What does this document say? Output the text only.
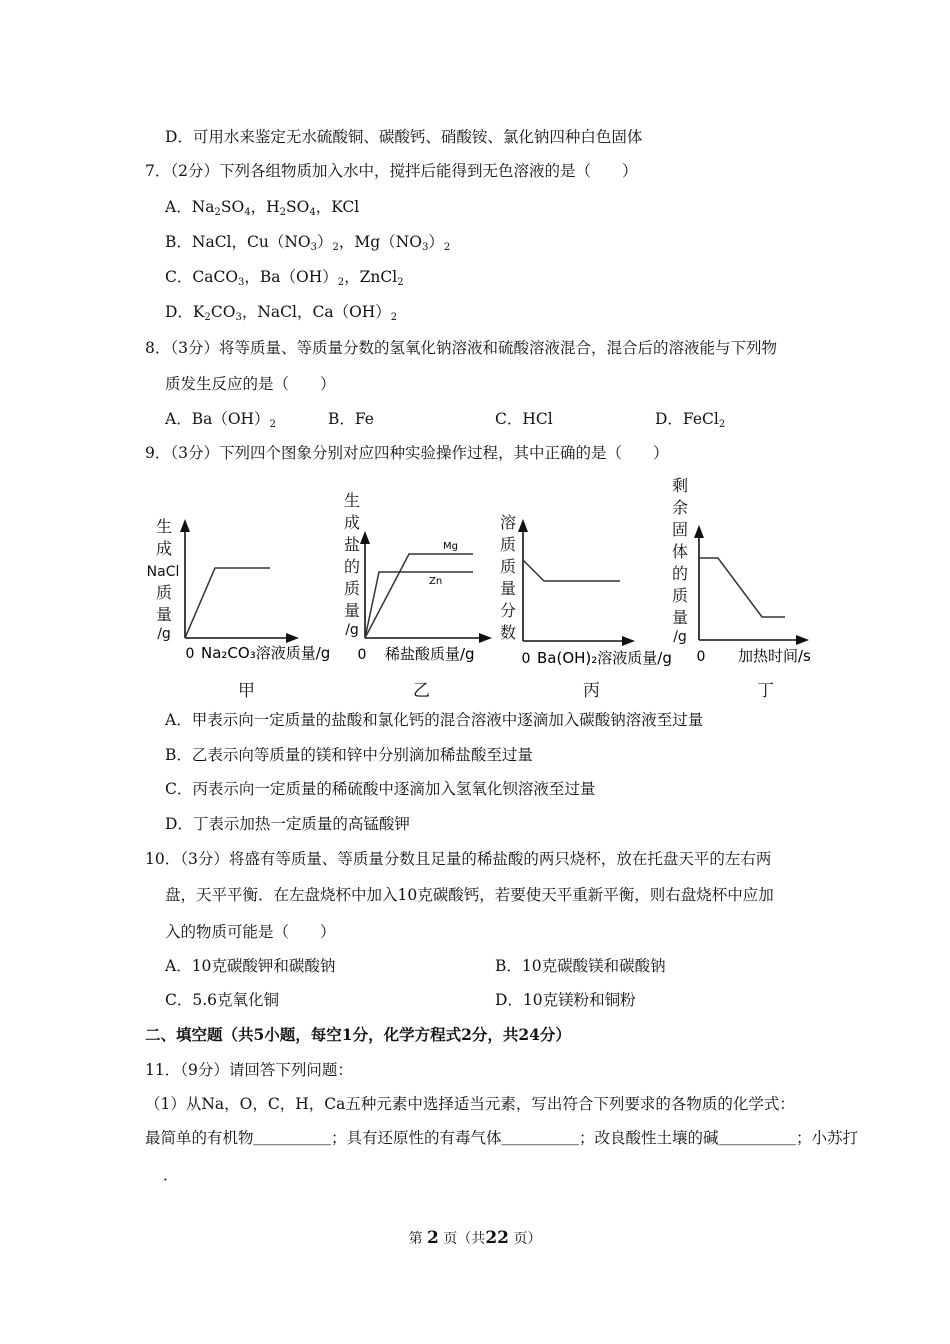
D．可用水来鉴定无水硫酸铜、碳酸钙、硝酸铵、氯化钠四种白色固体
7．（2分）下列各组物质加入水中，搅拌后能得到无色溶液的是（　　）
A．$Na_2SO_4$，$H_2SO_4$，KCl
B．NaCl，$Cu(NO_3)_2$，$Mg(NO_3)_2$
C．CaCO$_3$，$Ba(OH)_2$，ZnCl$_2$
D．$K_2CO_3$，NaCl，$Ca(OH)_2$
8．（3分）将等质量、等质量分数的氢氧化钠溶液和硫酸溶液混合，混合后的溶液能与下列物
质发生反应的是（　　）
A．$Ba(OH)_2$	B．Fe	C．HCl	D．FeCl$_2$
9．（3分）下列四个图象分别对应四种实验操作过程，其中正确的是（　　）
生
成
NaCl
质
量
/g
0 Na₂CO₃溶液质量/g
甲
生
成
盐
的
质
量
/g
Mg
Zn
0 稀盐酸质量/g
乙
溶
质
质
量
分
数
0 Ba(OH)₂溶液质量/g
丙
剩
余
固
体
的
质
量
/g
0 加热时间/s
丁
A．甲表示向一定质量的盐酸和氯化钙的混合溶液中逐滴加入碳酸钠溶液至过量
B．乙表示向等质量的镁和锌中分别滴加稀盐酸至过量
C．丙表示向一定质量的稀硫酸中逐滴加入氢氧化钡溶液至过量
D．丁表示加热一定质量的高锰酸钾
10．（3分）将盛有等质量、等质量分数且足量的稀盐酸的两只烧杯，放在托盘天平的左右两
盘，天平平衡．在左盘烧杯中加入10克碳酸钙，若要使天平重新平衡，则右盘烧杯中应加
入的物质可能是（　　）
A．10克碳酸钾和碳酸钠	B．10克碳酸镁和碳酸钠
C．5.6克氧化铜	D．10克镁粉和铜粉
二、填空题（共5小题，每空1分，化学方程式2分，共24分）
11．（9分）请回答下列问题：
（1）从Na，O，C，H，Ca五种元素中选择适当元素，写出符合下列要求的各物质的化学式：
最简单的有机物＿＿＿＿＿；具有还原性的有毒气体＿＿＿＿＿；改良酸性土壤的碱＿＿＿＿＿；小苏打
．
第 2 页（共22 页）
